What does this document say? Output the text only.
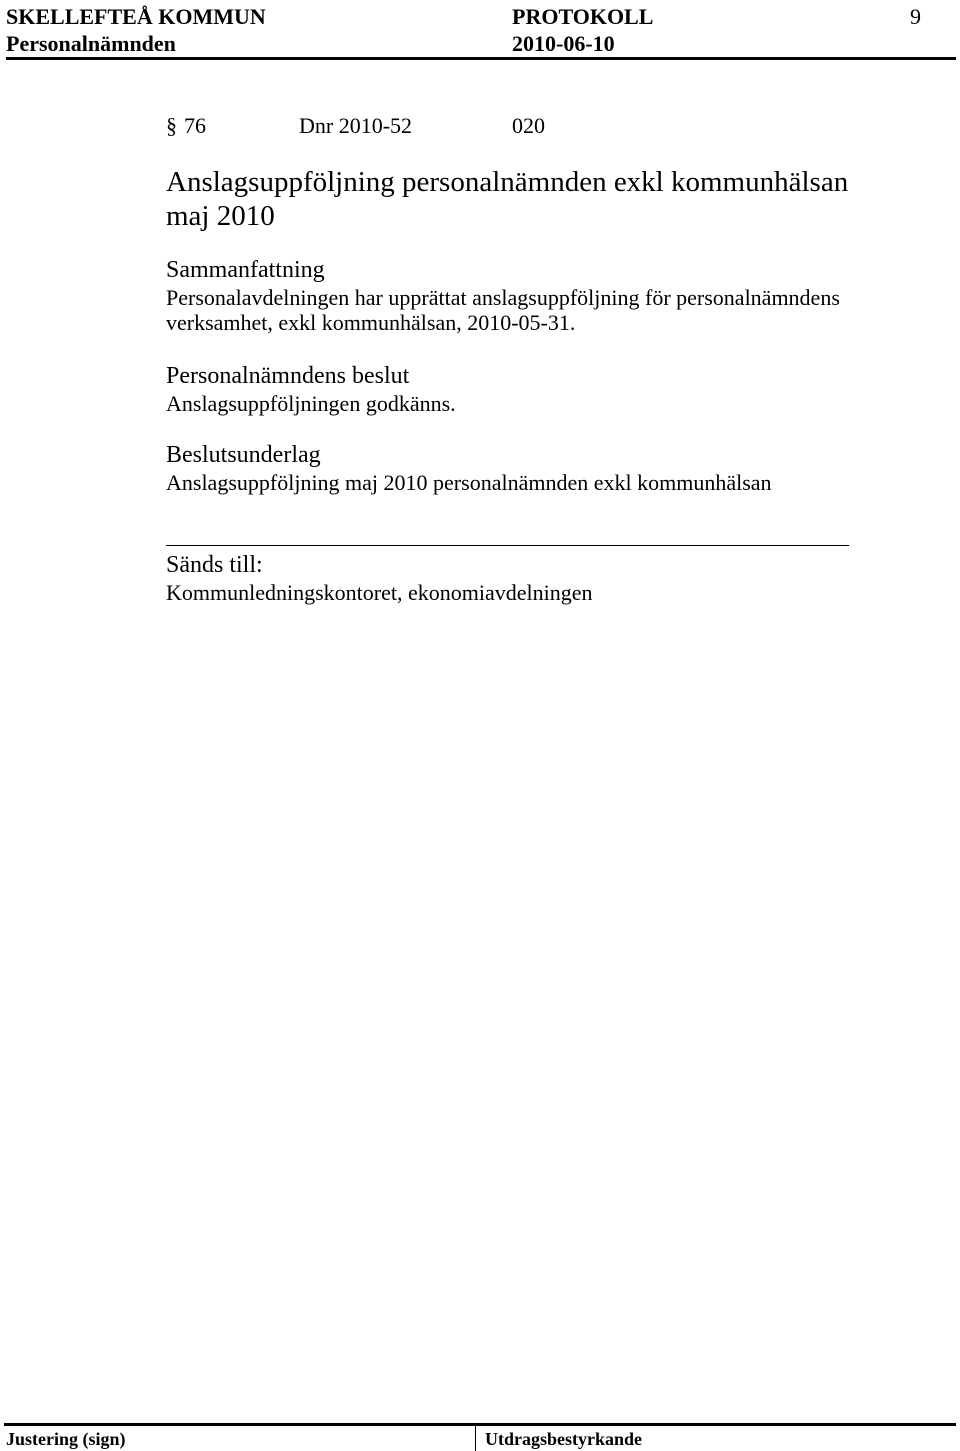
SKELLEFTEÅ KOMMUN	PROTOKOLL	9
Personalnämnden	2010-06-10
§ 76	Dnr 2010-52	020
Anslagsuppföljning personalnämnden exkl kommunhälsan
maj 2010
Sammanfattning
Personalavdelningen har upprättat anslagsuppföljning för personalnämndens
verksamhet, exkl kommunhälsan, 2010-05-31.
Personalnämndens beslut
Anslagsuppföljningen godkänns.
Beslutsunderlag
Anslagsuppföljning maj 2010 personalnämnden exkl kommunhälsan
Sänds till:
Kommunledningskontoret, ekonomiavdelningen
Justering (sign)	Utdragsbestyrkande
